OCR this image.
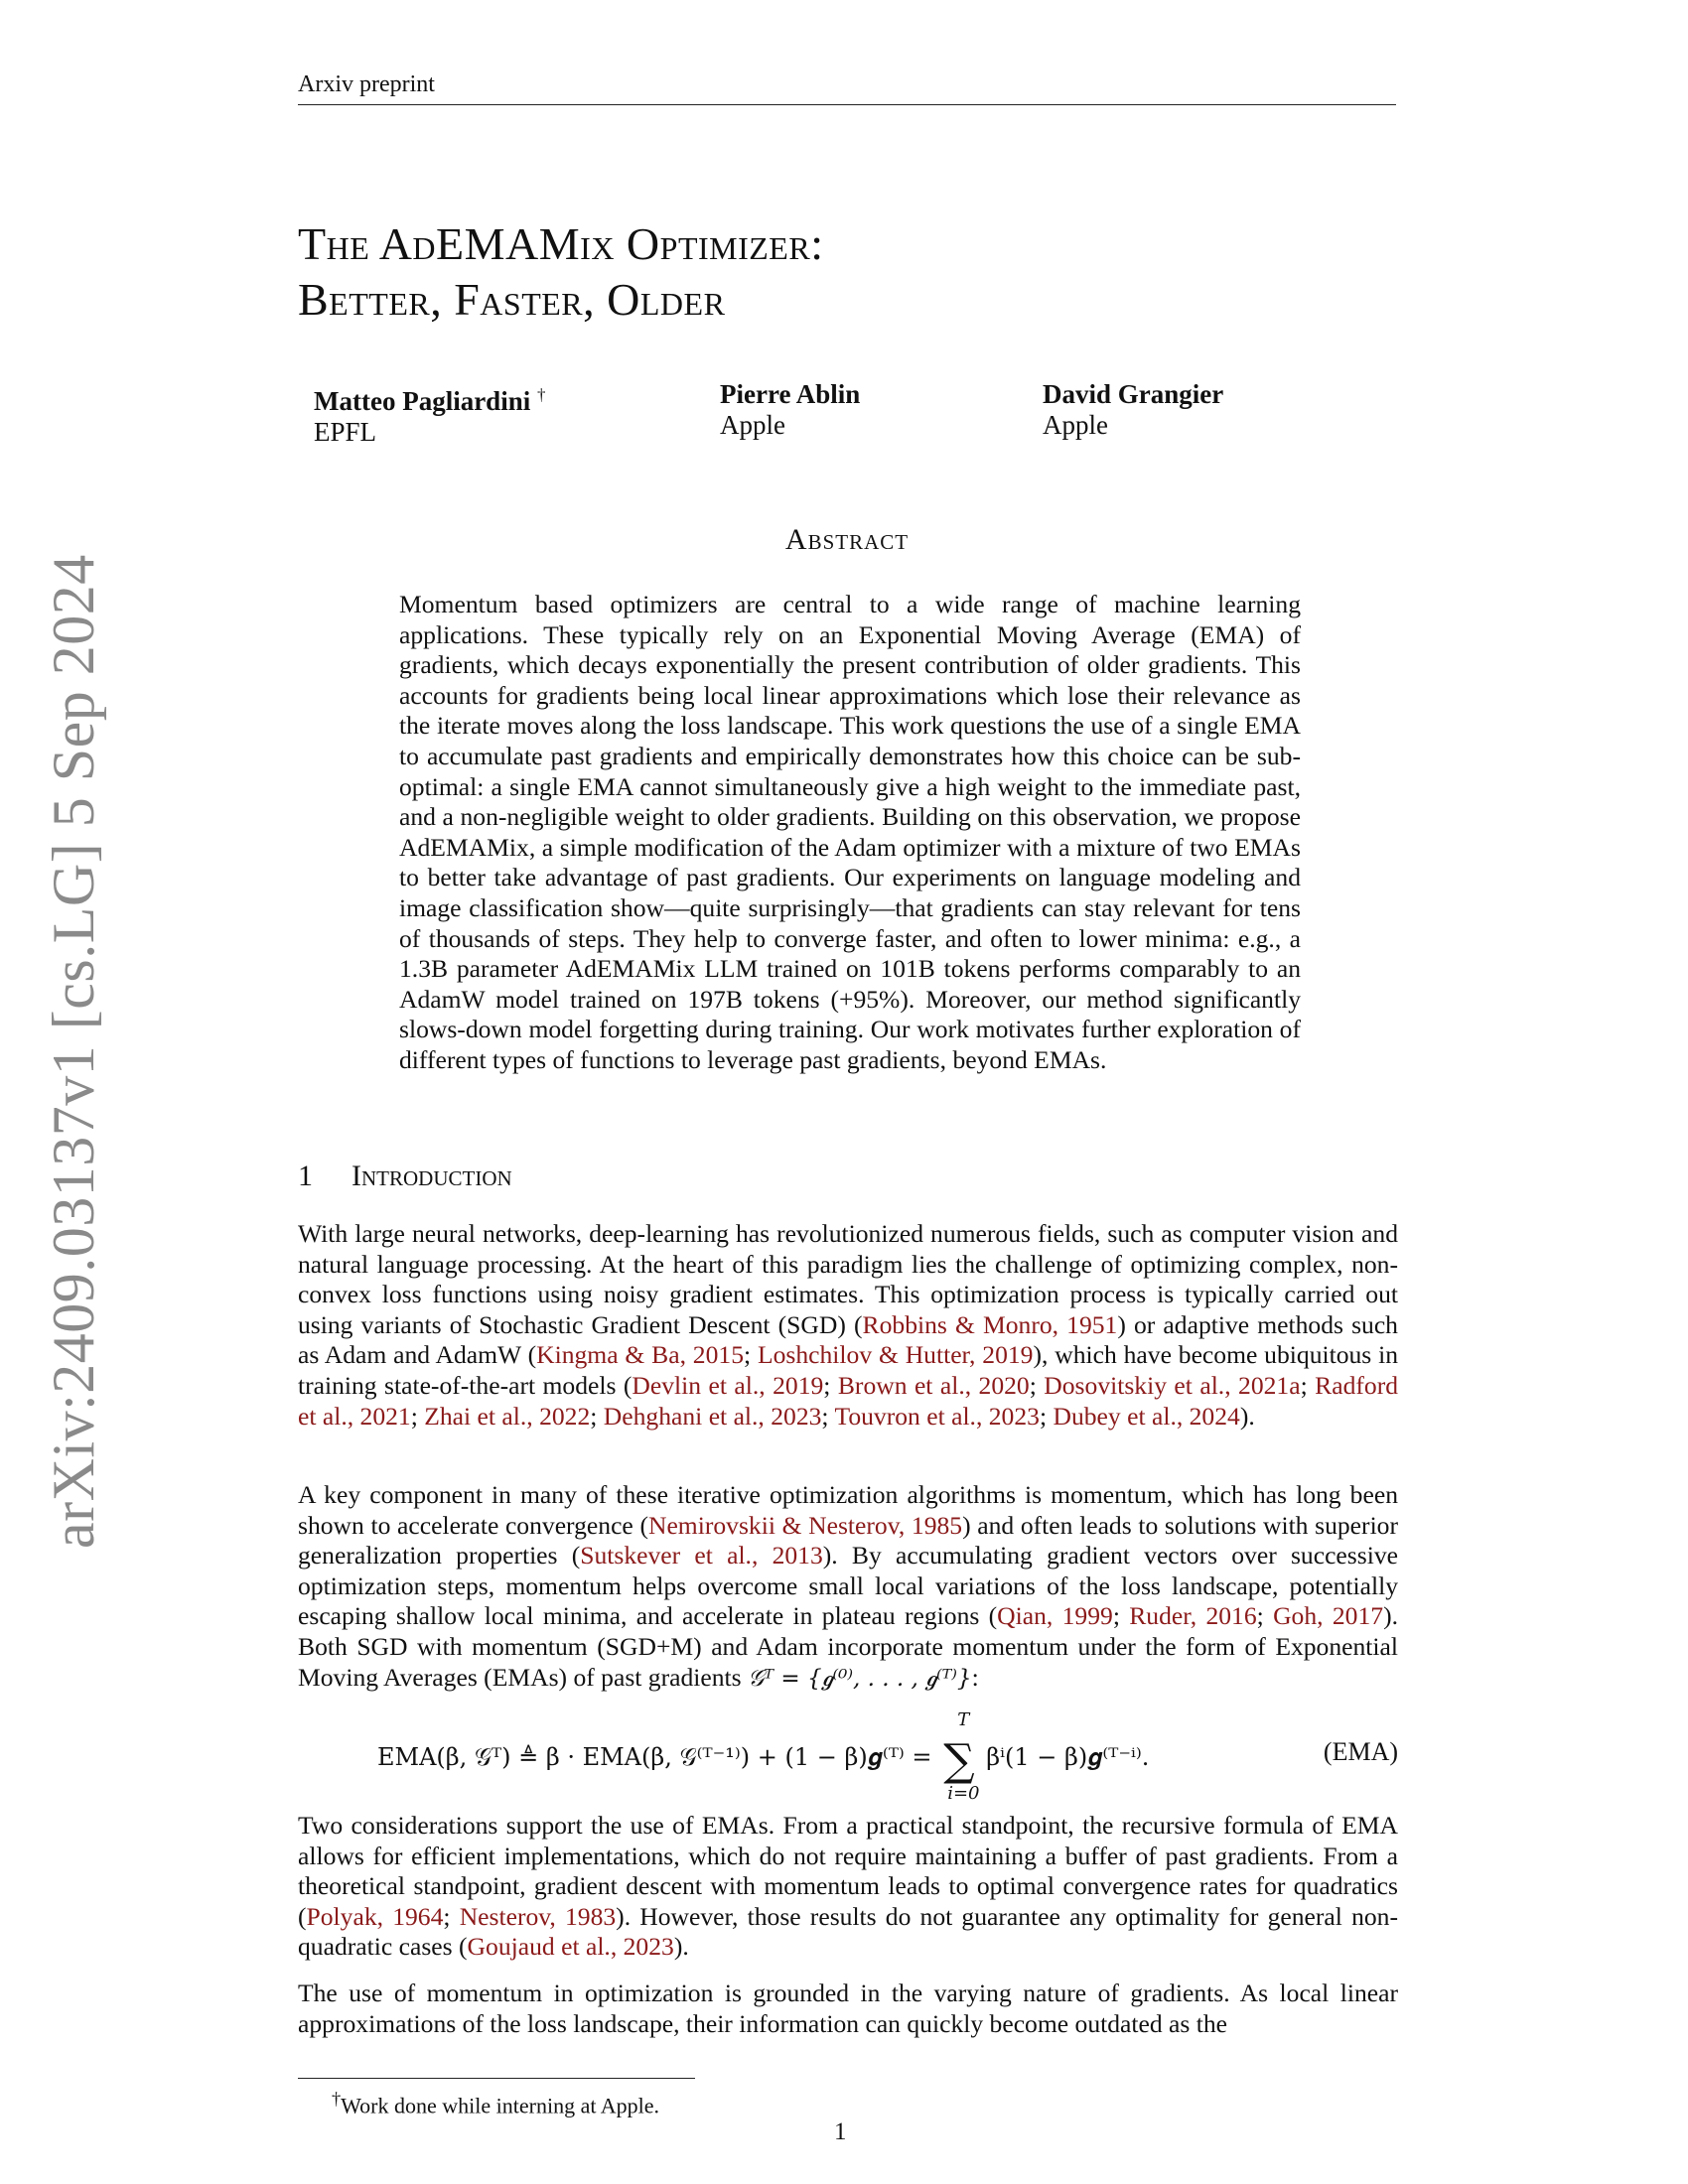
Arxiv preprint
arXiv:2409.03137v1 [cs.LG] 5 Sep 2024
The AdEMAMix Optimizer:
Better, Faster, Older
Matteo Pagliardini †
EPFL
Pierre Ablin
Apple
David Grangier
Apple
Abstract

Momentum based optimizers are central to a wide range of machine learning applications. These typically rely on an Exponential Moving Average (EMA) of gradients, which decays exponentially the present contribution of older gradients. This accounts for gradients being local linear approximations which lose their relevance as the iterate moves along the loss landscape. This work questions the use of a single EMA to accumulate past gradients and empirically demonstrates how this choice can be sub-optimal: a single EMA cannot simultaneously give a high weight to the immediate past, and a non-negligible weight to older gradients. Building on this observation, we propose AdEMAMix, a simple modification of the Adam optimizer with a mixture of two EMAs to better take advantage of past gradients. Our experiments on language modeling and image classification show—quite surprisingly—that gradients can stay relevant for tens of thousands of steps. They help to converge faster, and often to lower minima: e.g., a 1.3B parameter AdEMAMix LLM trained on 101B tokens performs comparably to an AdamW model trained on 197B tokens (+95%). Moreover, our method significantly slows-down model forgetting during training. Our work motivates further exploration of different types of functions to leverage past gradients, beyond EMAs.

1 Introduction
With large neural networks, deep-learning has revolutionized numerous fields, such as computer vision and natural language processing. At the heart of this paradigm lies the challenge of optimizing complex, non-convex loss functions using noisy gradient estimates. This optimization process is typically carried out using variants of Stochastic Gradient Descent (SGD) (Robbins & Monro, 1951) or adaptive methods such as Adam and AdamW (Kingma & Ba, 2015; Loshchilov & Hutter, 2019), which have become ubiquitous in training state-of-the-art models (Devlin et al., 2019; Brown et al., 2020; Dosovitskiy et al., 2021a; Radford et al., 2021; Zhai et al., 2022; Dehghani et al., 2023; Touvron et al., 2023; Dubey et al., 2024).
A key component in many of these iterative optimization algorithms is momentum, which has long been shown to accelerate convergence (Nemirovskii & Nesterov, 1985) and often leads to solutions with superior generalization properties (Sutskever et al., 2013). By accumulating gradient vectors over successive optimization steps, momentum helps overcome small local variations of the loss landscape, potentially escaping shallow local minima, and accelerate in plateau regions (Qian, 1999; Ruder, 2016; Goh, 2017). Both SGD with momentum (SGD+M) and Adam incorporate momentum under the form of Exponential Moving Averages (EMAs) of past gradients 𝒢ᵀ = {𝒈⁽⁰⁾, . . . , 𝒈⁽ᵀ⁾}:
EMA(β, 𝒢ᵀ) ≜ β · EMA(β, 𝒢⁽ᵀ⁻¹⁾) + (1 − β)𝒈⁽ᵀ⁾ = ∑
T
i=0
βⁱ(1 − β)𝒈⁽ᵀ⁻ⁱ⁾.	(EMA)
Two considerations support the use of EMAs. From a practical standpoint, the recursive formula of EMA allows for efficient implementations, which do not require maintaining a buffer of past gradients. From a theoretical standpoint, gradient descent with momentum leads to optimal convergence rates for quadratics (Polyak, 1964; Nesterov, 1983). However, those results do not guarantee any optimality for general non-quadratic cases (Goujaud et al., 2023).
The use of momentum in optimization is grounded in the varying nature of gradients. As local linear approximations of the loss landscape, their information can quickly become outdated as the
†Work done while interning at Apple.
1
